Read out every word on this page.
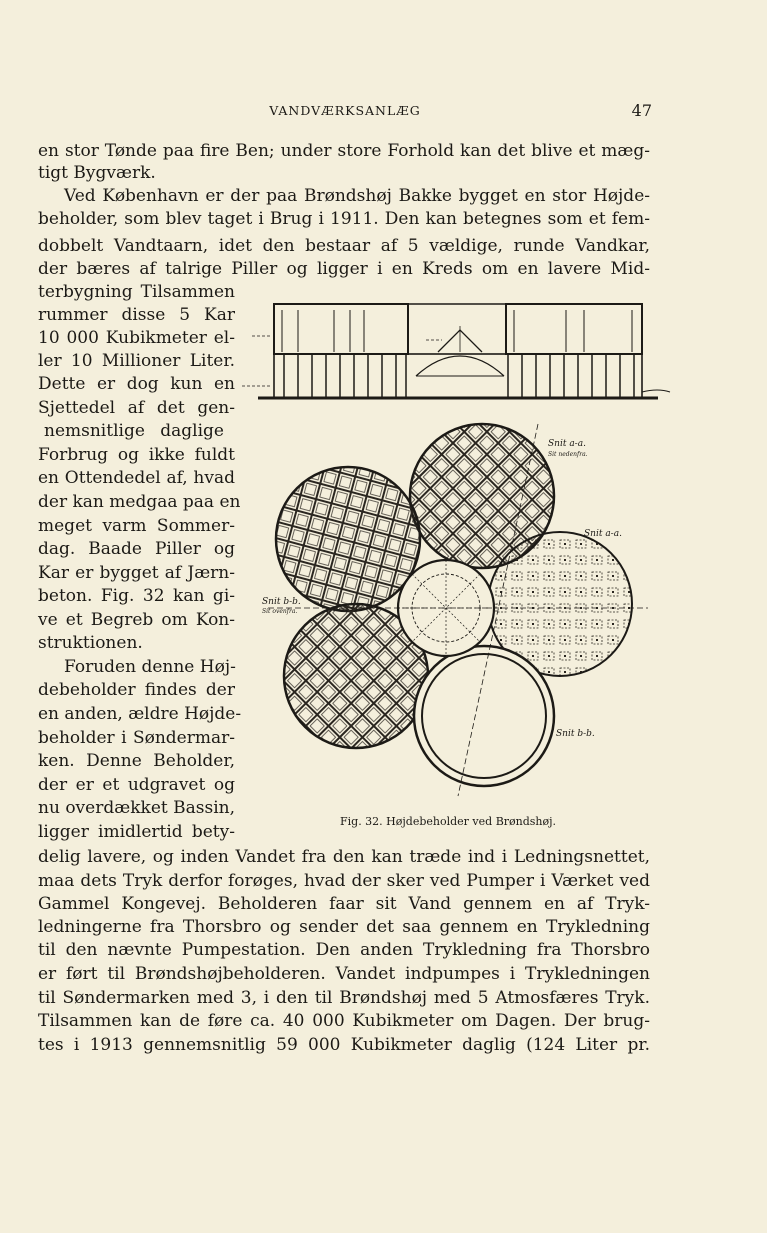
VANDVÆRKSANLÆG	47
en stor Tønde paa fire Ben; under store Forhold kan det blive et mæg-
tigt Bygværk.
Ved København er der paa Brøndshøj Bakke bygget en stor Højde-
beholder, som blev taget i Brug i 1911. Den kan betegnes som et fem-
dobbelt Vandtaarn, idet den bestaar af 5 vældige, runde Vandkar,
der bæres af talrige Piller og ligger i en Kreds om en lavere Mid-
terbygning Tilsammen
rummer disse 5 Kar
10 000 Kubikmeter el-
ler 10 Millioner Liter.
Dette er dog kun en
Sjettedel af det gen-
nemsnitlige daglige
Forbrug og ikke fuldt
en Ottendedel af, hvad
der kan medgaa paa en
meget varm Sommer-
dag. Baade Piller og
Kar er bygget af Jærn-
beton. Fig. 32 kan gi-
ve et Begreb om Kon-
struktionen.
Foruden denne Høj-
debeholder findes der
en anden, ældre Højde-
beholder i Søndermar-
ken. Denne Beholder,
der er et udgravet og
nu overdækket Bassin,
ligger imidlertid bety-
delig lavere, og inden Vandet fra den kan træde ind i Ledningsnettet,
maa dets Tryk derfor forøges, hvad der sker ved Pumper i Værket ved
Gammel Kongevej. Beholderen faar sit Vand gennem en af Tryk-
ledningerne fra Thorsbro og sender det saa gennem en Trykledning
til den nævnte Pumpestation. Den anden Trykledning fra Thorsbro
er ført til Brøndshøjbeholderen. Vandet indpumpes i Trykledningen
til Søndermarken med 3, i den til Brøndshøj med 5 Atmosfæres Tryk.
Tilsammen kan de føre ca. 40 000 Kubikmeter om Dagen. Der brug-
tes i 1913 gennemsnitlig 59 000 Kubikmeter daglig (124 Liter pr.
Snit a-a.
Sit nedenfra.
Snit a-a.
Snit b-b.
Sit ovenfra.
Snit b-b.
Fig. 32. Højdebeholder ved Brøndshøj.
